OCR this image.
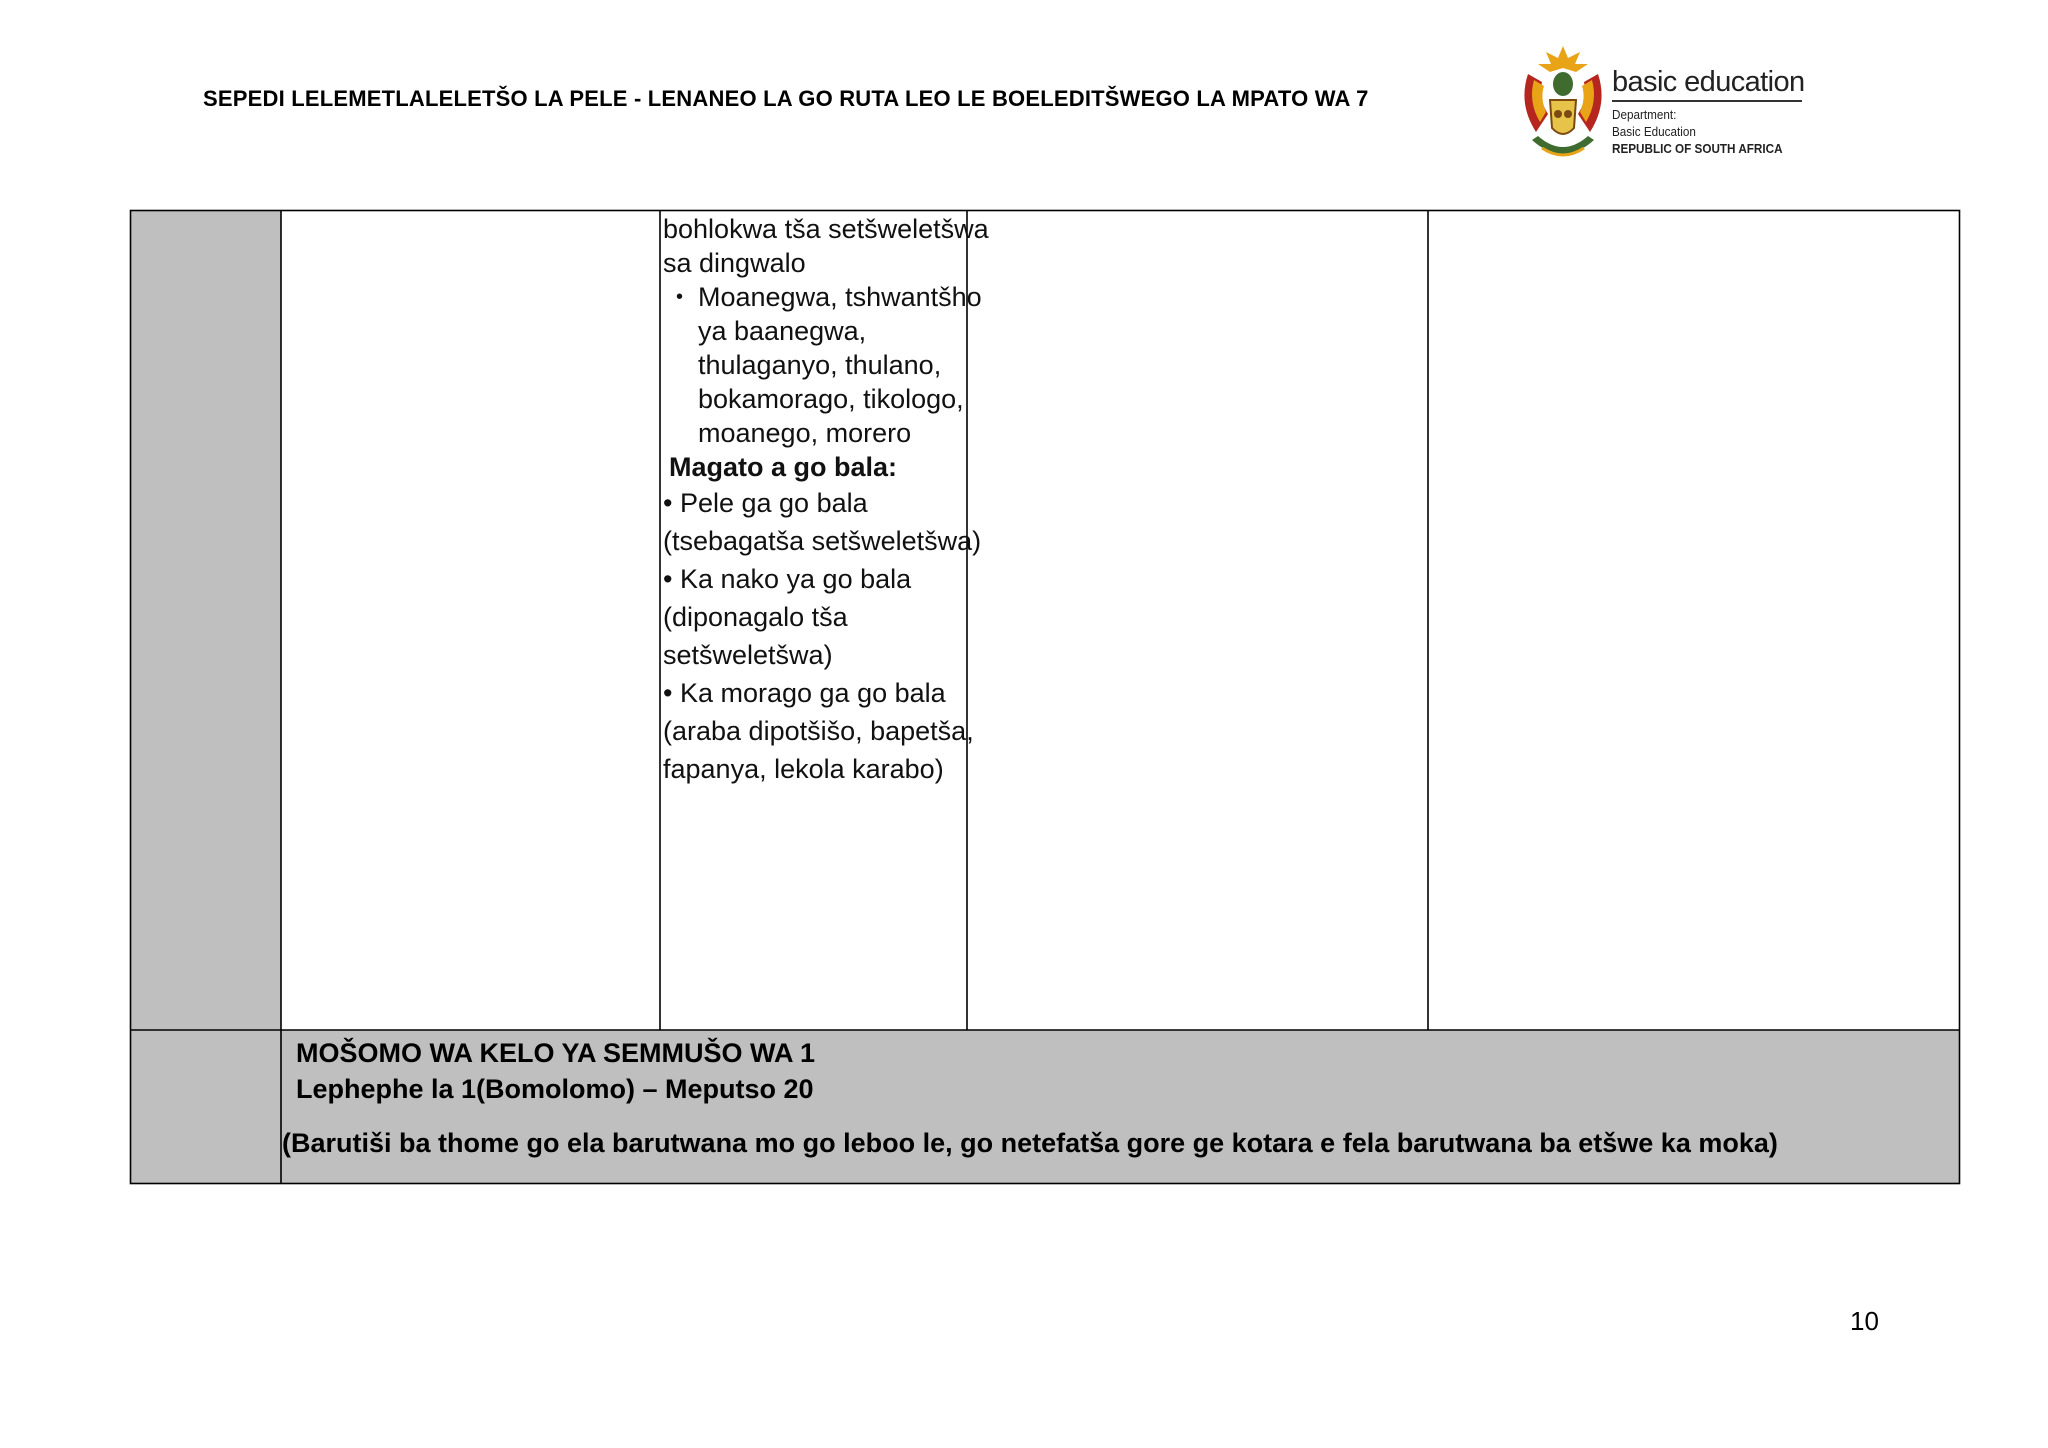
SEPEDI LELEMETLALELETŠO LA PELE - LENANEO LA GO RUTA LEO LE BOELEDITŠWEGO LA MPATO WA 7
basic education
Department:
Basic Education
REPUBLIC OF SOUTH AFRICA

bohlokwa tša setšweletšwa

sa dingwalo

• Moanegwa, tshwantšho

ya baanegwa,

thulaganyo, thulano,

bokamorago, tikologo,

moanego, morero

Magato a go bala:

• Pele ga go bala

(tsebagatša setšweletšwa)

• Ka nako ya go bala

(diponagalo tša

setšweletšwa)

• Ka morago ga go bala

(araba dipotšišo, bapetša,

fapanya, lekola karabo)

MOŠOMO WA KELO YA SEMMUŠO WA 1

Lephephe la 1(Bomolomo) – Meputso 20

(Barutiši ba thome go ela barutwana mo go leboo le, go netefatša gore ge kotara e fela barutwana ba etšwe ka moka)
10
